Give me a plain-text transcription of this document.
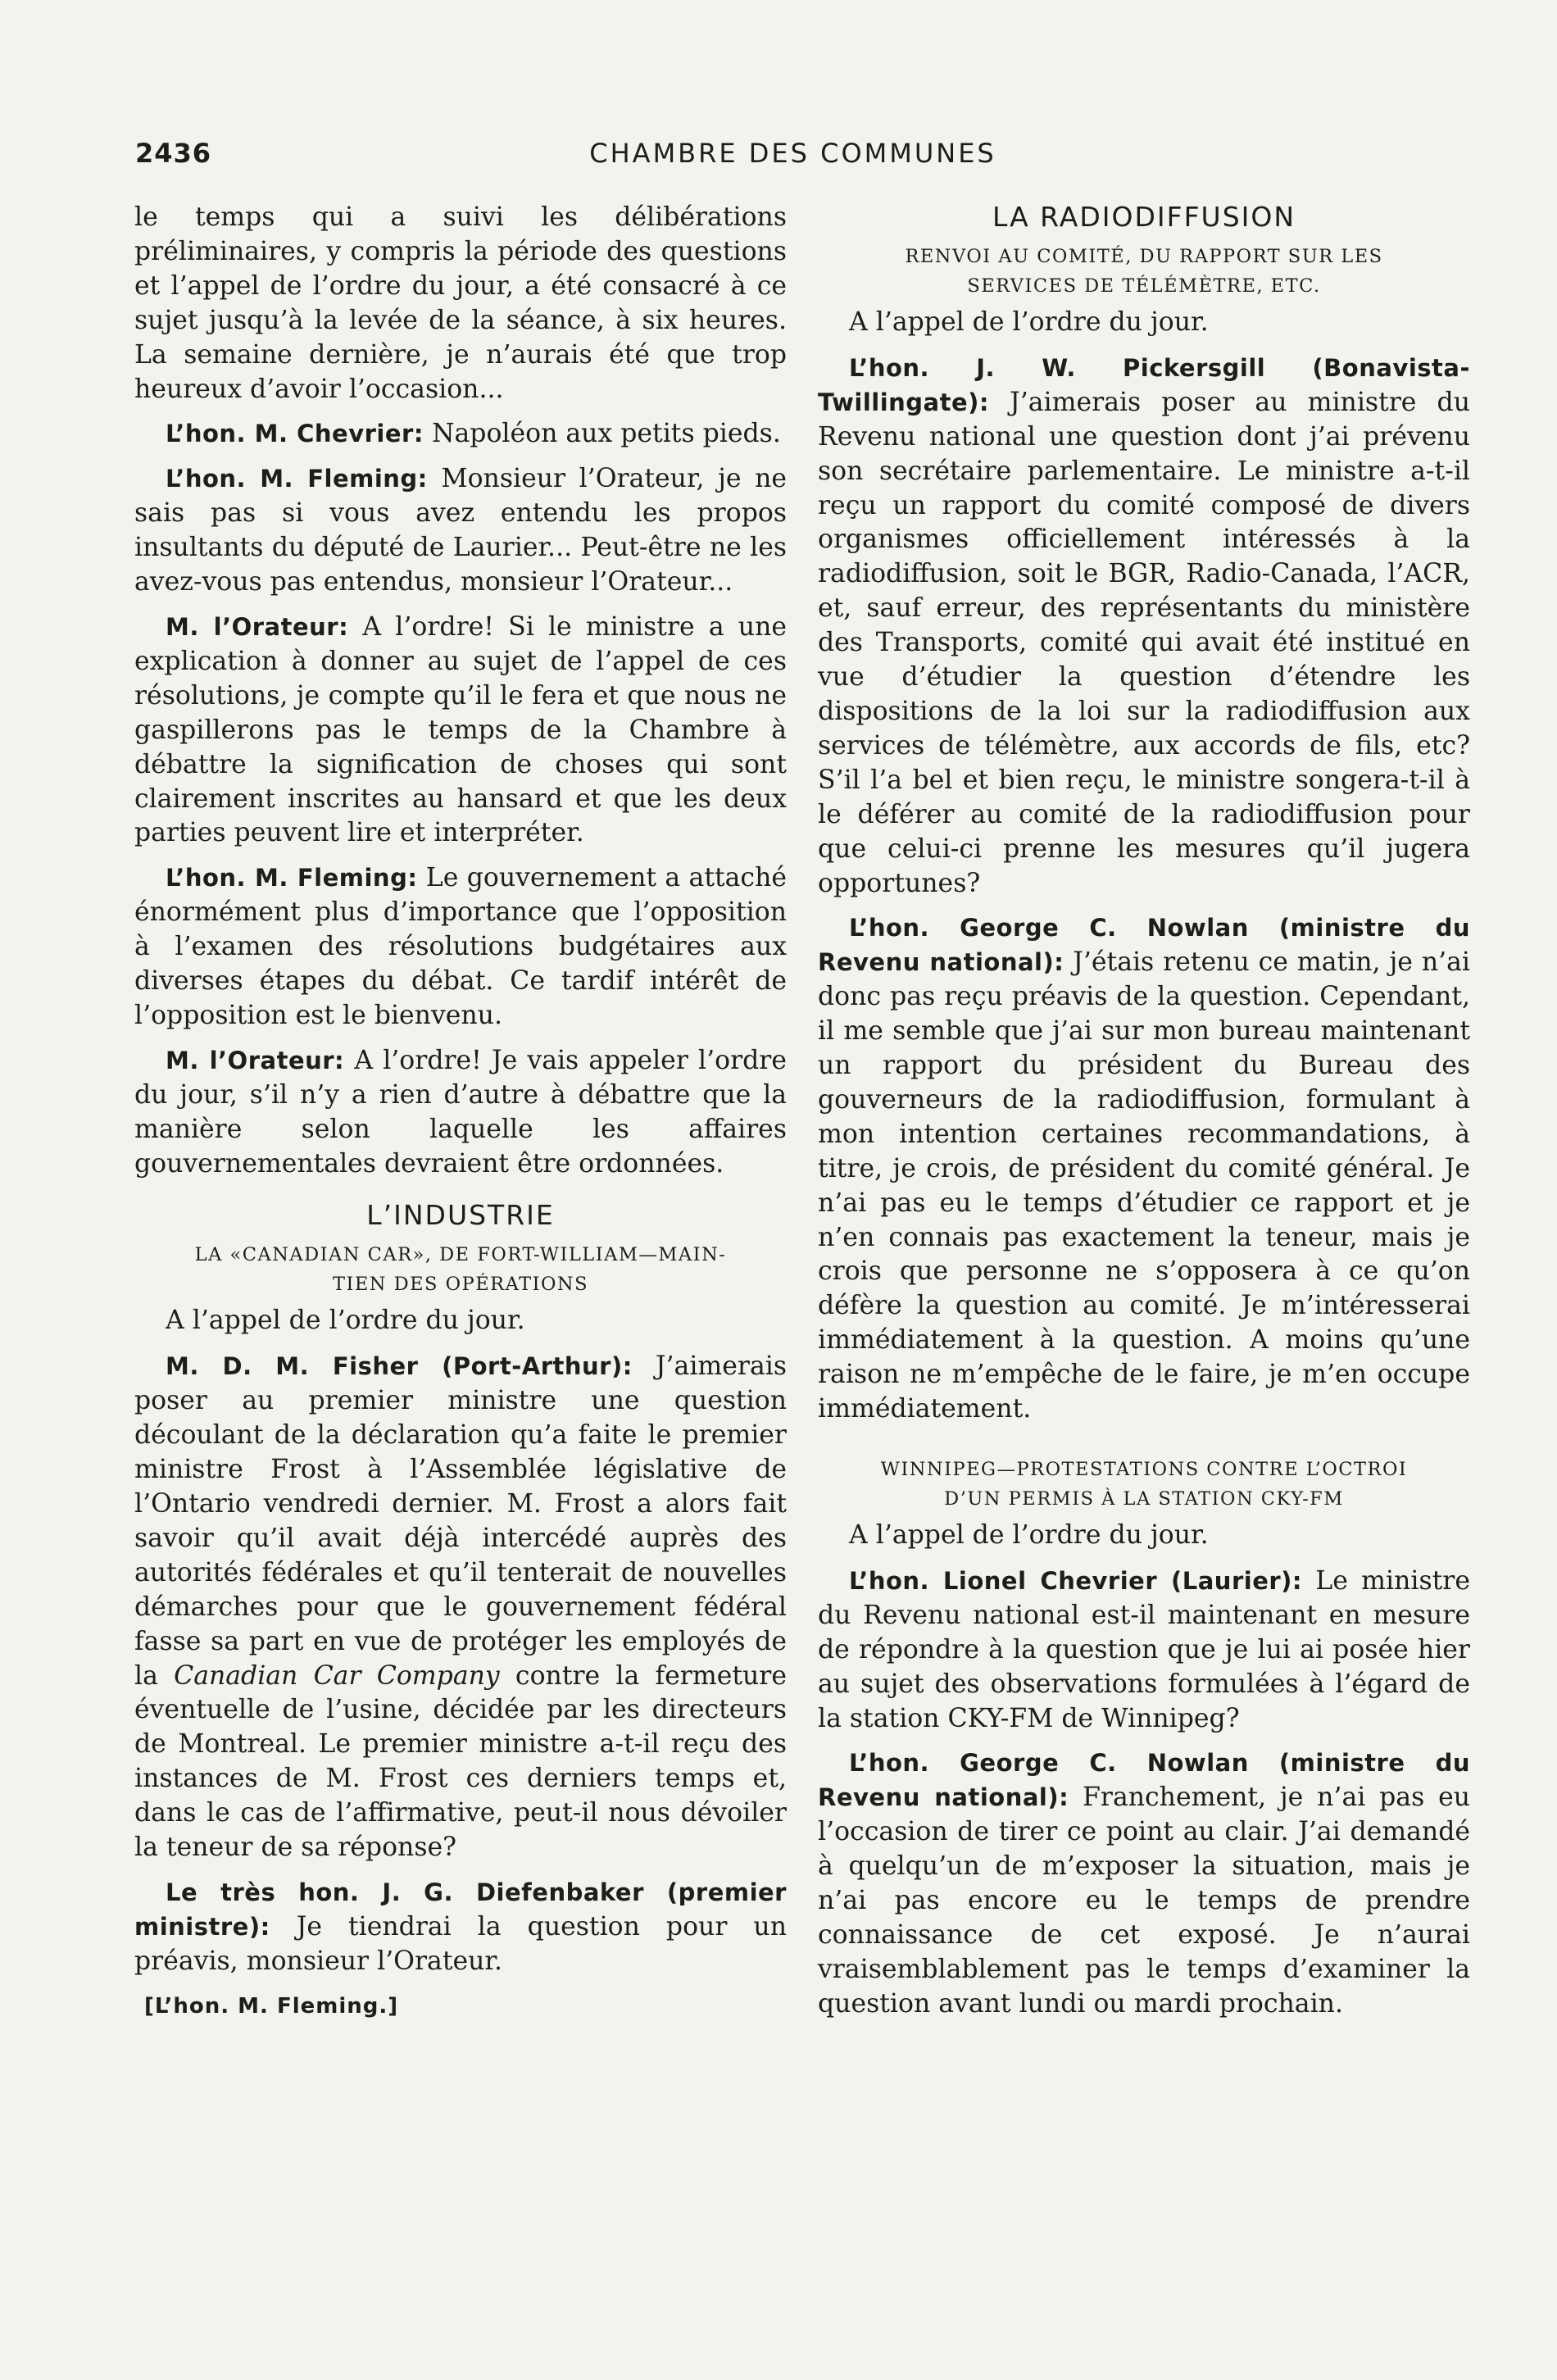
2436	CHAMBRE DES COMMUNES

le temps qui a suivi les délibérations préliminaires, y compris la période des questions et l’appel de l’ordre du jour, a été consacré à ce sujet jusqu’à la levée de la séance, à six heures. La semaine dernière, je n’aurais été que trop heureux d’avoir l’occasion...

L’hon. M. Chevrier: Napoléon aux petits pieds.

L’hon. M. Fleming: Monsieur l’Orateur, je ne sais pas si vous avez entendu les propos insultants du député de Laurier... Peut-être ne les avez-vous pas entendus, monsieur l’Orateur...

M. l’Orateur: A l’ordre! Si le ministre a une explication à donner au sujet de l’appel de ces résolutions, je compte qu’il le fera et que nous ne gaspillerons pas le temps de la Chambre à débattre la signification de choses qui sont clairement inscrites au hansard et que les deux parties peuvent lire et interpréter.

L’hon. M. Fleming: Le gouvernement a attaché énormément plus d’importance que l’opposition à l’examen des résolutions budgétaires aux diverses étapes du débat. Ce tardif intérêt de l’opposition est le bienvenu.

M. l’Orateur: A l’ordre! Je vais appeler l’ordre du jour, s’il n’y a rien d’autre à débattre que la manière selon laquelle les affaires gouvernementales devraient être ordonnées.

L’INDUSTRIE
LA «CANADIAN CAR», DE FORT-WILLIAM—MAIN-
TIEN DES OPÉRATIONS

A l’appel de l’ordre du jour.

M. D. M. Fisher (Port-Arthur): J’aimerais poser au premier ministre une question découlant de la déclaration qu’a faite le premier ministre Frost à l’Assemblée législative de l’Ontario vendredi dernier. M. Frost a alors fait savoir qu’il avait déjà intercédé auprès des autorités fédérales et qu’il tenterait de nouvelles démarches pour que le gouvernement fédéral fasse sa part en vue de protéger les employés de la Canadian Car Company contre la fermeture éventuelle de l’usine, décidée par les directeurs de Montreal. Le premier ministre a-t-il reçu des instances de M. Frost ces derniers temps et, dans le cas de l’affirmative, peut-il nous dévoiler la teneur de sa réponse?

Le très hon. J. G. Diefenbaker (premier ministre): Je tiendrai la question pour un préavis, monsieur l’Orateur.

[L’hon. M. Fleming.]
LA RADIODIFFUSION
RENVOI AU COMITÉ, DU RAPPORT SUR LES
SERVICES DE TÉLÉMÈTRE, ETC.

A l’appel de l’ordre du jour.

L’hon. J. W. Pickersgill (Bonavista-Twillingate): J’aimerais poser au ministre du Revenu national une question dont j’ai prévenu son secrétaire parlementaire. Le ministre a-t-il reçu un rapport du comité composé de divers organismes officiellement intéressés à la radiodiffusion, soit le BGR, Radio-Canada, l’ACR, et, sauf erreur, des représentants du ministère des Transports, comité qui avait été institué en vue d’étudier la question d’étendre les dispositions de la loi sur la radiodiffusion aux services de télémètre, aux accords de fils, etc? S’il l’a bel et bien reçu, le ministre songera-t-il à le déférer au comité de la radiodiffusion pour que celui-ci prenne les mesures qu’il jugera opportunes?

L’hon. George C. Nowlan (ministre du Revenu national): J’étais retenu ce matin, je n’ai donc pas reçu préavis de la question. Cependant, il me semble que j’ai sur mon bureau maintenant un rapport du président du Bureau des gouverneurs de la radiodiffusion, formulant à mon intention certaines recommandations, à titre, je crois, de président du comité général. Je n’ai pas eu le temps d’étudier ce rapport et je n’en connais pas exactement la teneur, mais je crois que personne ne s’opposera à ce qu’on défère la question au comité. Je m’intéresserai immédiatement à la question. A moins qu’une raison ne m’empêche de le faire, je m’en occupe immédiatement.

WINNIPEG—PROTESTATIONS CONTRE L’OCTROI
D’UN PERMIS À LA STATION CKY-FM

A l’appel de l’ordre du jour.

L’hon. Lionel Chevrier (Laurier): Le ministre du Revenu national est-il maintenant en mesure de répondre à la question que je lui ai posée hier au sujet des observations formulées à l’égard de la station CKY-FM de Winnipeg?

L’hon. George C. Nowlan (ministre du Revenu national): Franchement, je n’ai pas eu l’occasion de tirer ce point au clair. J’ai demandé à quelqu’un de m’exposer la situation, mais je n’ai pas encore eu le temps de prendre connaissance de cet exposé. Je n’aurai vraisemblablement pas le temps d’examiner la question avant lundi ou mardi prochain.
